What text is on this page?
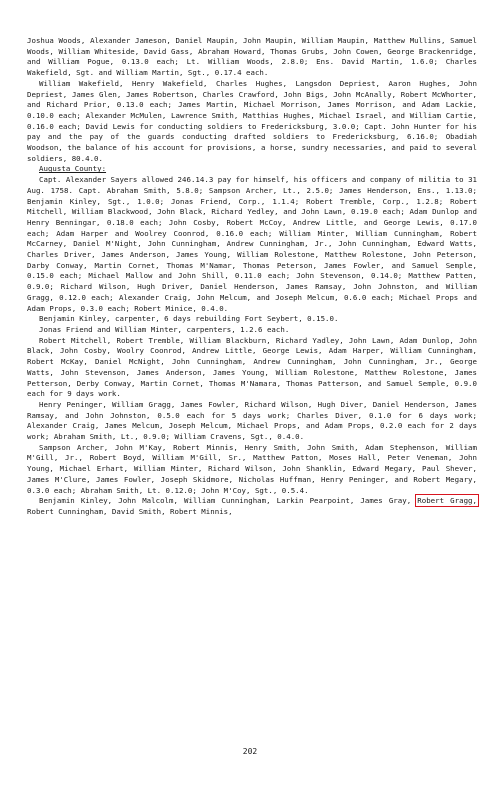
Joshua Woods, Alexander Jameson, Daniel Maupin, John Maupin, William Maupin, Matthew Mullins, Samuel Woods, William Whiteside, David Gass, Abraham Howard, Thomas Grubs, John Cowen, George Brackenridge, and William Pogue, 0.13.0 each; Lt. William Woods, 2.8.0; Ens. David Martin, 1.6.0; Charles Wakefield, Sgt. and William Martin, Sgt., 0.17.4 each.
William Wakefield, Henry Wakefield, Charles Hughes, Langsdon Depriest, Aaron Hughes, John Depriest, James Glen, James Robertson, Charles Crawford, John Bigs, John McAnally, Robert McWhorter, and Richard Prior, 0.13.0 each; James Martin, Michael Morrison, James Morrison, and Adam Lackie, 0.10.0 each; Alexander McMulen, Lawrence Smith, Matthias Hughes, Michael Israel, and William Cartie, 0.16.0 each; David Lewis for conducting soldiers to Fredericksburg, 3.0.0; Capt. John Hunter for his pay and the pay of the guards conducting drafted soldiers to Fredericksburg, 6.16.0; Obadiah Woodson, the balance of his account for provisions, a horse, sundry necessaries, and paid to several soldiers, 80.4.0.
Augusta County:
Capt. Alexander Sayers allowed 246.14.3 pay for himself, his officers and company of militia to 31 Aug. 1758. Capt. Abraham Smith, 5.8.0; Sampson Archer, Lt., 2.5.0; James Henderson, Ens., 1.13.0; Benjamin Kinley, Sgt., 1.0.0; Jonas Friend, Corp., 1.1.4; Robert Tremble, Corp., 1.2.8; Robert Mitchell, William Blackwood, John Black, Richard Yedley, and John Lawn, 0.19.0 each; Adam Dunlop and Henry Benningar, 0.18.0 each; John Cosby, Robert McCoy, Andrew Little, and George Lewis, 0.17.0 each; Adam Harper and Woolrey Coonrod, 0.16.0 each; William Minter, William Cunningham, Robert McCarney, Daniel M'Night, John Cunningham, Andrew Cunningham, Jr., John Cunningham, Edward Watts, Charles Driver, James Anderson, James Young, William Rolestone, Matthew Rolestone, John Peterson, Darby Conway, Martin Cornet, Thomas M'Namar, Thomas Peterson, James Fowler, and Samuel Semple, 0.15.0 each; Michael Mallow and John Shill, 0.11.0 each; John Stevenson, 0.14.0; Matthew Patten, 0.9.0; Richard Wilson, Hugh Driver, Daniel Henderson, James Ramsay, John Johnston, and William Gragg, 0.12.0 each; Alexander Craig, John Melcum, and Joseph Melcum, 0.6.0 each; Michael Props and Adam Props, 0.3.0 each; Robert Minice, 0.4.0.
Benjamin Kinley, carpenter, 6 days rebuilding Fort Seybert, 0.15.0.
Jonas Friend and William Minter, carpenters, 1.2.6 each.
Robert Mitchell, Robert Tremble, William Blackburn, Richard Yadley, John Lawn, Adam Dunlop, John Black, John Cosby, Woolry Coonrod, Andrew Little, George Lewis, Adam Harper, William Cunningham, Robert McKay, Daniel McNight, John Cunningham, Andrew Cunningham, John Cunningham, Jr., George Watts, John Stevenson, James Anderson, James Young, William Rolestone, Matthew Rolestone, James Petterson, Derby Conway, Martin Cornet, Thomas M'Namara, Thomas Patterson, and Samuel Semple, 0.9.0 each for 9 days work.
Henry Peninger, William Gragg, James Fowler, Richard Wilson, Hugh Diver, Daniel Henderson, James Ramsay, and John Johnston, 0.5.0 each for 5 days work; Charles Diver, 0.1.0 for 6 days work; Alexander Craig, James Melcum, Joseph Melcum, Michael Props, and Adam Props, 0.2.0 each for 2 days work; Abraham Smith, Lt., 0.9.0; William Cravens, Sgt., 0.4.0.
Sampson Archer, John M'Kay, Robert Minnis, Henry Smith, John Smith, Adam Stephenson, William M'Gill, Jr., Robert Boyd, William M'Gill, Sr., Matthew Patton, Moses Hall, Peter Veneman, John Young, Michael Erhart, William Minter, Richard Wilson, John Shanklin, Edward Megary, Paul Shever, James M'Clure, James Fowler, Joseph Skidmore, Nicholas Huffman, Henry Peninger, and Robert Megary, 0.3.0 each; Abraham Smith, Lt. 0.12.0; John M'Coy, Sgt., 0.5.4.
Benjamin Kinley, John Malcolm, William Cunningham, Larkin Pearpoint, James Gray, Robert Gragg, Robert Cunningham, David Smith, Robert Minnis,
202
